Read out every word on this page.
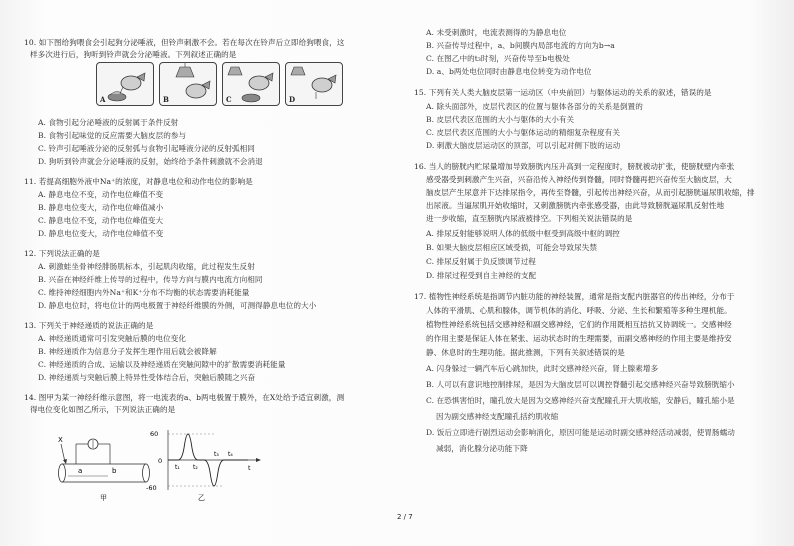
10. 如下图给狗喂食会引起狗分泌唾液，但铃声刺激不会。若在每次在铃声后立即给狗喂食，这
样多次进行后，狗听到铃声就会分泌唾液。下列叙述正确的是
A	B	C	D
A. 食物引起分泌唾液的反射属于条件反射
B. 食物引起味觉的反应需要大脑皮层的参与
C. 铃声引起唾液分泌的反射弧与食物引起唾液分泌的反射弧相同
D. 狗听到铃声就会分泌唾液的反射，始终给予条件刺激就不会消退
11. 若提高细胞外液中Na⁺的浓度，对静息电位和动作电位的影响是
A. 静息电位不变，动作电位峰值不变
B. 静息电位变大，动作电位峰值减小
C. 静息电位不变，动作电位峰值变大
D. 静息电位变大，动作电位峰值不变
12. 下列说法正确的是
A. 刺激蛙坐骨神经腓肠肌标本，引起肌肉收缩，此过程发生反射
B. 兴奋在神经纤维上传导的过程中，传导方向与膜内电流方向相同
C. 维持神经细胞内外Na⁺和K⁺分布不均衡的状态需要消耗能量
D. 静息电位时，将电位计的两电极置于神经纤维膜的外侧，可测得静息电位的大小
13. 下列关于神经递质的说法正确的是
A. 神经递质通常可引发突触后膜的电位变化
B. 神经递质作为信息分子发挥生理作用后就会被降解
C. 神经递质的合成、运输以及神经递质在突触间隙中的扩散需要消耗能量
D. 神经递质与突触后膜上特异性受体结合后，突触后膜随之兴奋
14. 图甲为某一神经纤维示意图，将一电流表的a、b两电极置于膜外，在X处给予适宜刺激，测
得电位变化如图乙所示，下列说法正确的是
X
a	b
甲
60
0
-60
t₁ t₂
t₃ t₄
t
乙
A. 未受刺激时，电流表测得的为静息电位
B. 兴奋传导过程中，a、b间膜内局部电流的方向为b→a
C. 在图乙中的t₃时刻，兴奋传导至b电极处
D. a、b两处电位同时由静息电位转变为动作电位
15. 下列有关人类大脑皮层第一运动区（中央前回）与躯体运动的关系的叙述，错误的是
A. 除头面部外，皮层代表区的位置与躯体各部分的关系是倒置的
B. 皮层代表区范围的大小与躯体的大小有关
C. 皮层代表区范围的大小与躯体运动的精细复杂程度有关
D. 刺激大脑皮层运动区的顶部，可以引起对侧下肢的运动
16. 当人的膀胱内贮尿量增加导致膀胱内压升高到一定程度时，膀胱被动扩张，使膀胱壁内牵张
感受器受到刺激产生兴奋，兴奋沿传入神经传到脊髓，同时脊髓再把兴奋传至大脑皮层，大
脑皮层产生尿意并下达排尿指令，再传至脊髓，引起传出神经兴奋，从而引起膀胱逼尿肌收缩，排
出尿液。当逼尿肌开始收缩时，又刺激膀胱内牵张感受器，由此导致膀胱逼尿肌反射性地
进一步收缩，直至膀胱内尿液被排空。下列相关说法错误的是
A. 排尿反射能够说明人体的低级中枢受到高级中枢的调控
B. 如果大脑皮层相应区域受损，可能会导致尿失禁
C. 排尿反射属于负反馈调节过程
D. 排尿过程受到自主神经的支配
17. 植物性神经系统是指调节内脏功能的神经装置，通常是指支配内脏器官的传出神经，分布于
人体的平滑肌、心肌和腺体，调节机体的消化、呼吸、分泌、生长和繁殖等多种生理机能。
植物性神经系统包括交感神经和副交感神经，它们的作用既相互拮抗又协调统一。交感神经
的作用主要是保证人体在紧张、运动状态时的生理需要，而副交感神经的作用主要是维持安
静、休息时的生理功能。据此推测，下列有关叙述错误的是
A. 闪身躲过一辆汽车后心跳加快，此时交感神经兴奋，肾上腺素增多
B. 人可以有意识地控制排尿，是因为大脑皮层可以调控脊髓引起交感神经兴奋导致膀胱缩小
C. 在恐惧害怕时，瞳孔放大是因为交感神经兴奋支配瞳孔开大肌收缩，安静后，瞳孔缩小是
因为副交感神经支配瞳孔括约肌收缩
D. 饭后立即进行剧烈运动会影响消化，原因可能是运动时副交感神经活动减弱，使胃肠蠕动
减弱，消化腺分泌功能下降
2 / 7
